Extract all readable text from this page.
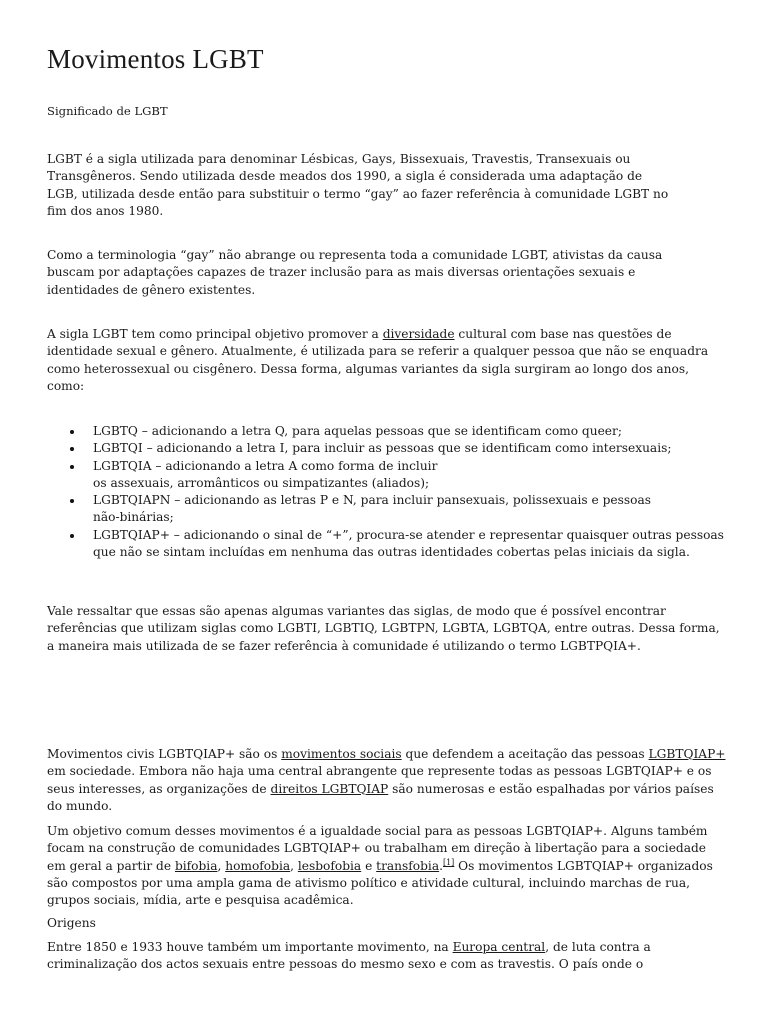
Movimentos LGBT

Significado de LGBT

LGBT é a sigla utilizada para denominar Lésbicas, Gays, Bissexuais, Travestis, Transexuais ou Transgêneros. Sendo utilizada desde meados dos 1990, a sigla é considerada uma adaptação de LGB, utilizada desde então para substituir o termo “gay” ao fazer referência à comunidade LGBT no fim dos anos 1980.

Como a terminologia “gay” não abrange ou representa toda a comunidade LGBT, ativistas da causa buscam por adaptações capazes de trazer inclusão para as mais diversas orientações sexuais e identidades de gênero existentes.

A sigla LGBT tem como principal objetivo promover a diversidade cultural com base nas questões de identidade sexual e gênero. Atualmente, é utilizada para se referir a qualquer pessoa que não se enquadra como heterossexual ou cisgênero. Dessa forma, algumas variantes da sigla surgiram ao longo dos anos, como:

LGBTQ – adicionando a letra Q, para aquelas pessoas que se identificam como queer;
LGBTQI – adicionando a letra I, para incluir as pessoas que se identificam como intersexuais;
LGBTQIA – adicionando a letra A como forma de incluir
os assexuais, arromânticos ou simpatizantes (aliados);
LGBTQIAPN – adicionando as letras P e N, para incluir pansexuais, polissexuais e pessoas
não-binárias;
LGBTQIAP+ – adicionando o sinal de “+”, procura-se atender e representar quaisquer outras pessoas que não se sintam incluídas em nenhuma das outras identidades cobertas pelas iniciais da sigla.

Vale ressaltar que essas são apenas algumas variantes das siglas, de modo que é possível encontrar referências que utilizam siglas como LGBTI, LGBTIQ, LGBTPN, LGBTA, LGBTQA, entre outras. Dessa forma, a maneira mais utilizada de se fazer referência à comunidade é utilizando o termo LGBTPQIA+.

Movimentos civis LGBTQIAP+ são os movimentos sociais que defendem a aceitação das pessoas LGBTQIAP+ em sociedade. Embora não haja uma central abrangente que represente todas as pessoas LGBTQIAP+ e os seus interesses, as organizações de direitos LGBTQIAP são numerosas e estão espalhadas por vários países do mundo.

Um objetivo comum desses movimentos é a igualdade social para as pessoas LGBTQIAP+. Alguns também focam na construção de comunidades LGBTQIAP+ ou trabalham em direção à libertação para a sociedade em geral a partir de bifobia, homofobia, lesbofobia e transfobia.[1] Os movimentos LGBTQIAP+ organizados são compostos por uma ampla gama de ativismo político e atividade cultural, incluindo marchas de rua, grupos sociais, mídia, arte e pesquisa acadêmica.

Origens

Entre 1850 e 1933 houve também um importante movimento, na Europa central, de luta contra a criminalização dos actos sexuais entre pessoas do mesmo sexo e com as travestis. O país onde o
